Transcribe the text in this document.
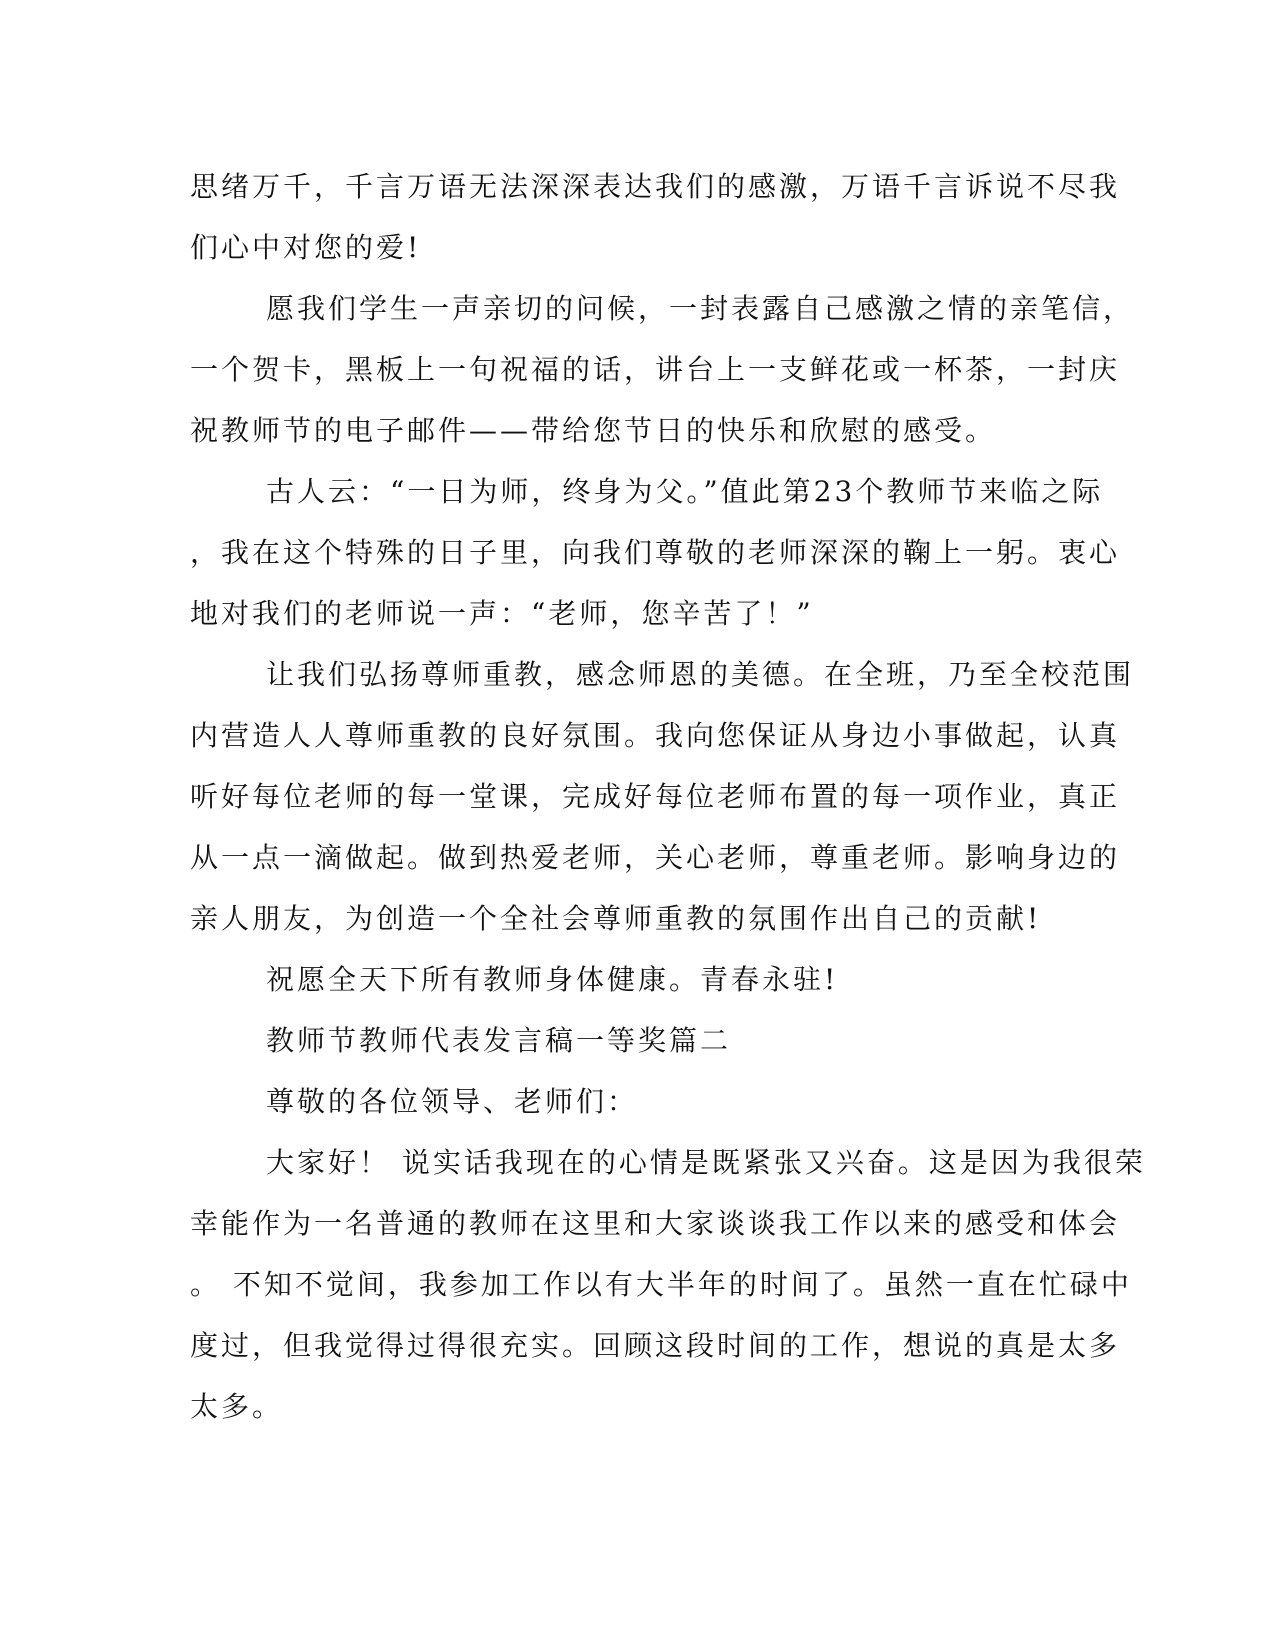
思绪万千，千言万语无法深深表达我们的感激，万语千言诉说不尽我
们心中对您的爱!

愿我们学生一声亲切的问候，一封表露自己感激之情的亲笔信，
一个贺卡，黑板上一句祝福的话，讲台上一支鲜花或一杯茶，一封庆
祝教师节的电子邮件——带给您节日的快乐和欣慰的感受。

古人云：“一日为师，终身为父。”值此第23个教师节来临之际
，我在这个特殊的日子里，向我们尊敬的老师深深的鞠上一躬。衷心
地对我们的老师说一声：“老师，您辛苦了！”

让我们弘扬尊师重教，感念师恩的美德。在全班，乃至全校范围
内营造人人尊师重教的良好氛围。我向您保证从身边小事做起，认真
听好每位老师的每一堂课，完成好每位老师布置的每一项作业，真正
从一点一滴做起。做到热爱老师，关心老师，尊重老师。影响身边的
亲人朋友，为创造一个全社会尊师重教的氛围作出自己的贡献!

祝愿全天下所有教师身体健康。青春永驻!

教师节教师代表发言稿一等奖篇二

尊敬的各位领导、老师们：

大家好！ 说实话我现在的心情是既紧张又兴奋。这是因为我很荣
幸能作为一名普通的教师在这里和大家谈谈我工作以来的感受和体会
。 不知不觉间，我参加工作以有大半年的时间了。虽然一直在忙碌中
度过，但我觉得过得很充实。回顾这段时间的工作，想说的真是太多
太多。
